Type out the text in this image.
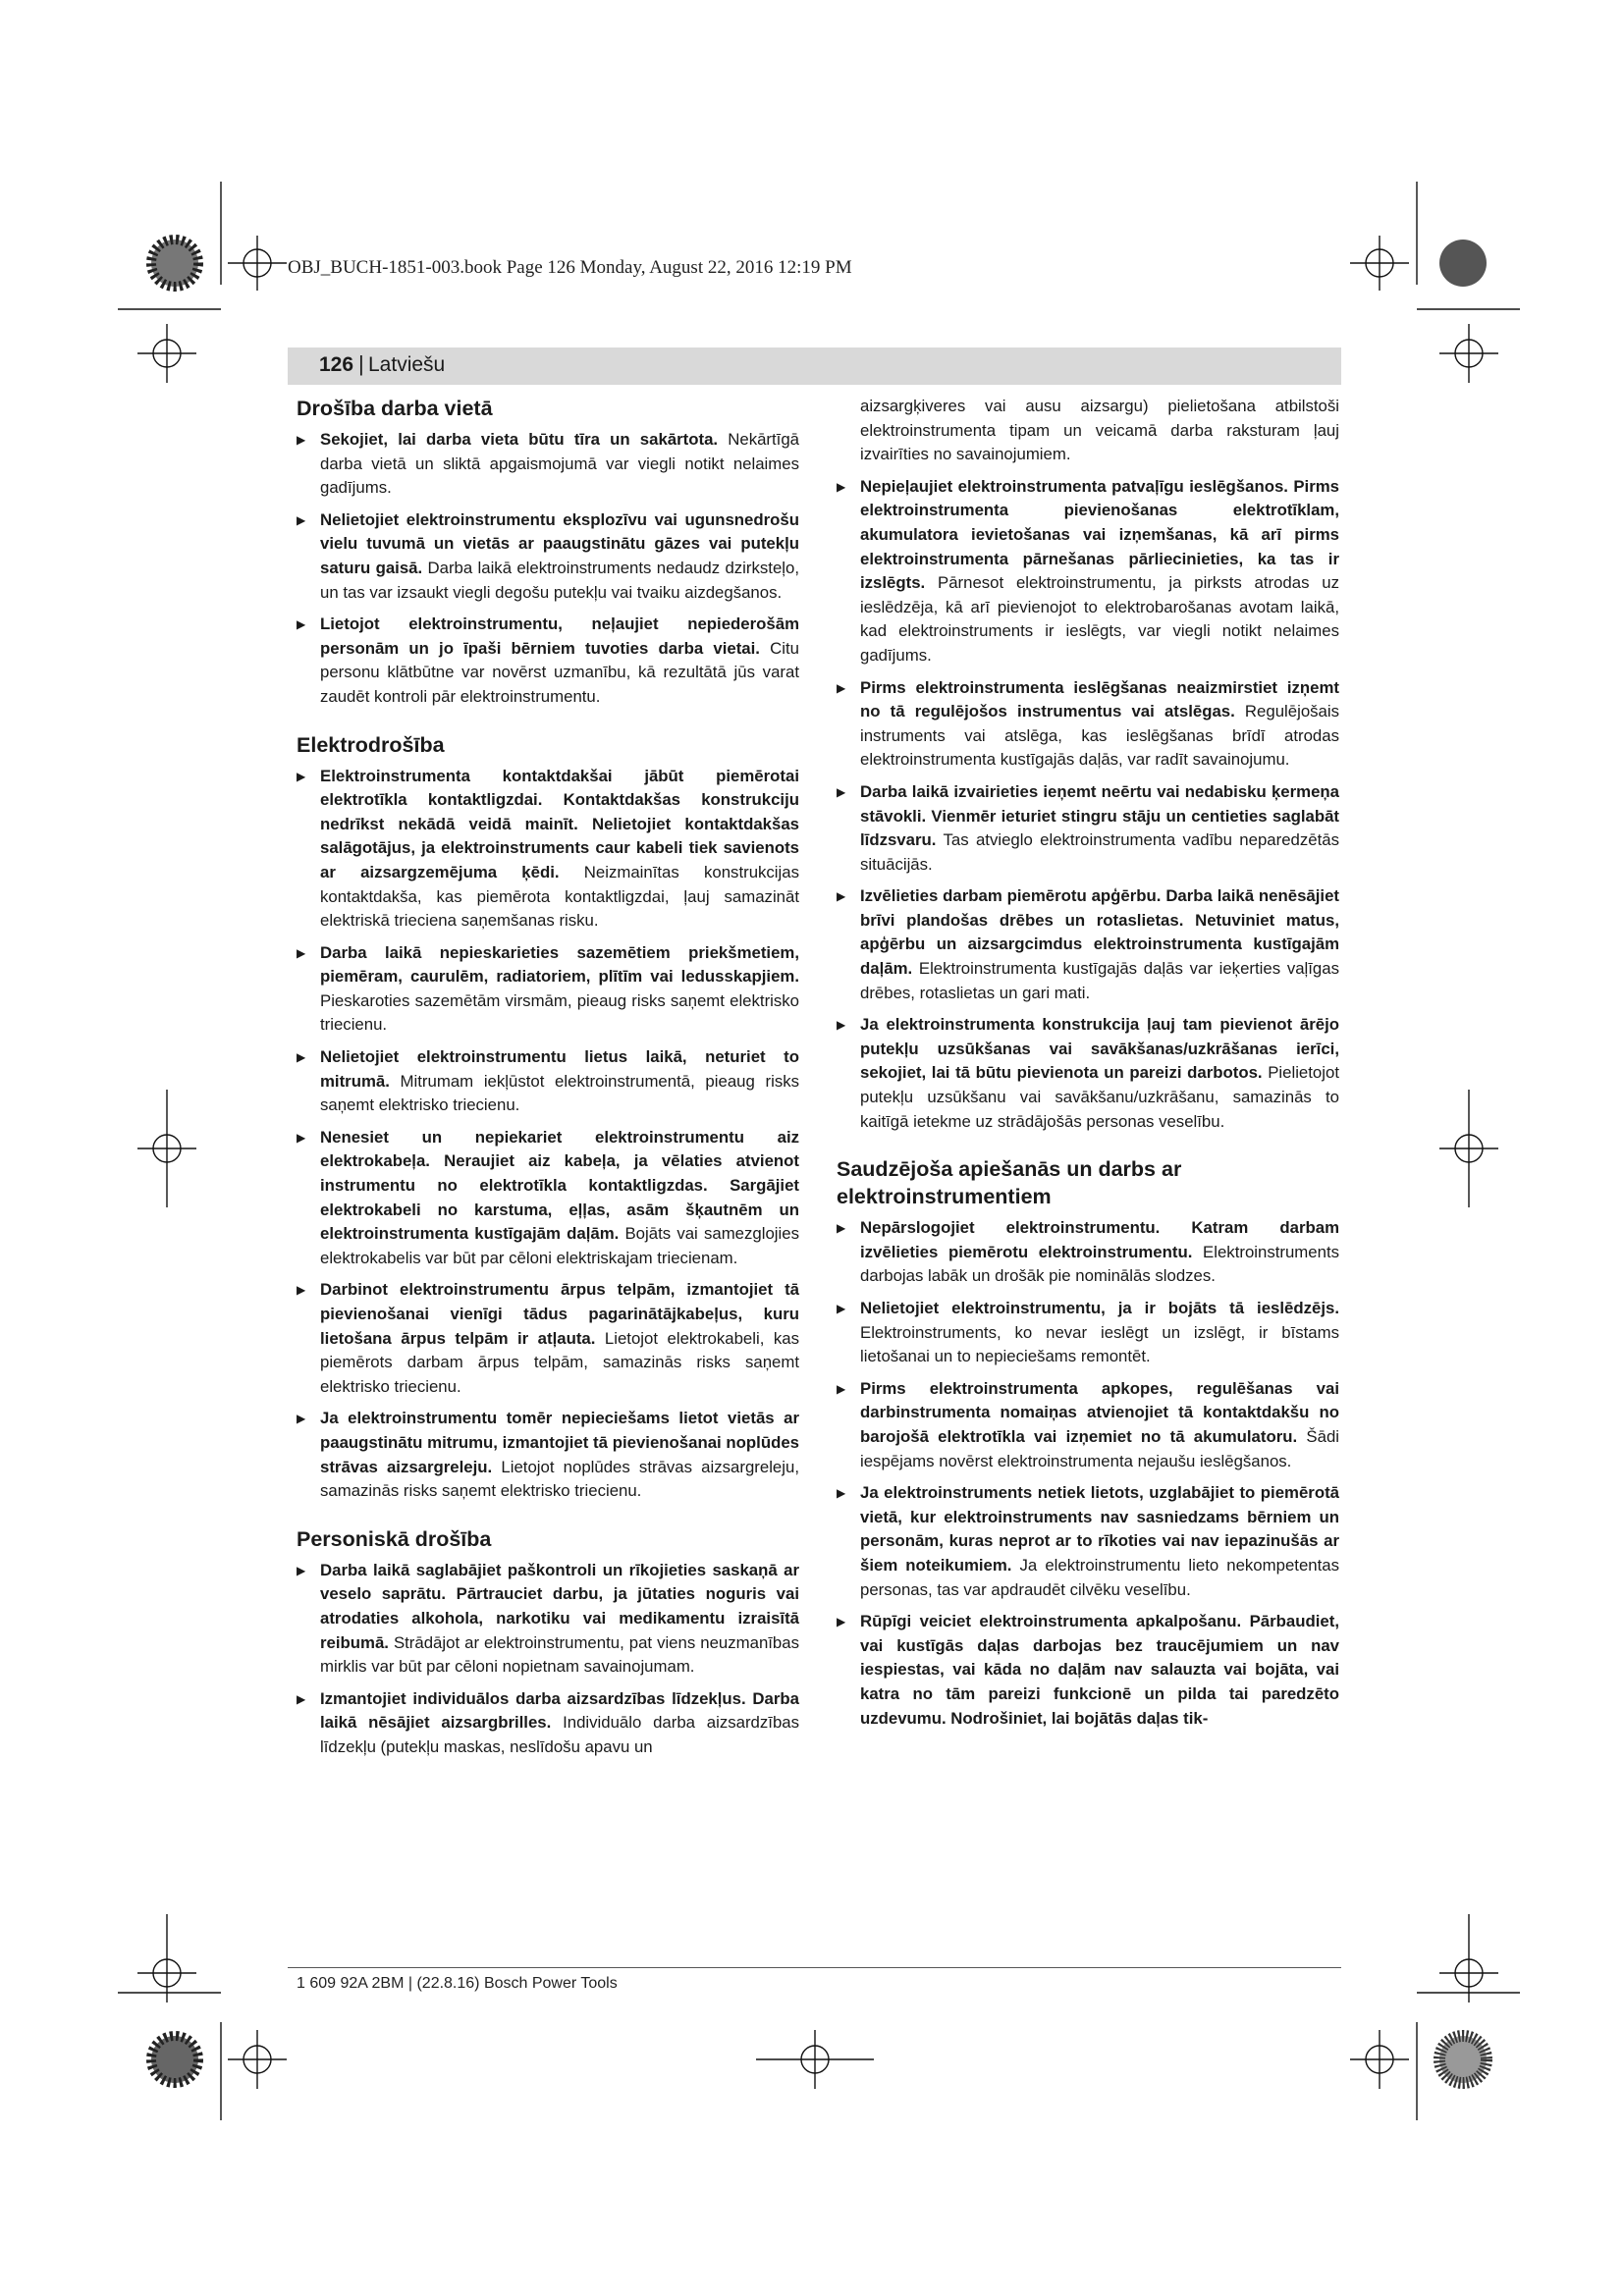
OBJ_BUCH-1851-003.book Page 126 Monday, August 22, 2016 12:19 PM
126 | Latviešu
Drošība darba vietā
▶ Sekojiet, lai darba vieta būtu tīra un sakārtota. Nekārtīgā darba vietā un sliktā apgaismojumā var viegli notikt nelaimes gadījums.
▶ Nelietojiet elektroinstrumentu eksplozīvu vai ugunsnedrošu vielu tuvumā un vietās ar paaugstinātu gāzes vai putekļu saturu gaisā. Darba laikā elektroinstruments nedaudz dzirksteļo, un tas var izsaukt viegli degošu putekļu vai tvaiku aizdegšanos.
▶ Lietojot elektroinstrumentu, neļaujiet nepiederošām personām un jo īpaši bērniem tuvoties darba vietai. Citu personu klātbūtne var novērst uzmanību, kā rezultātā jūs varat zaudēt kontroli pār elektroinstrumentu.
Elektrodrošība
▶ Elektroinstrumenta kontaktdakšai jābūt piemērotai elektrotīkla kontaktligzdai. Kontaktdakšas konstrukciju nedrīkst nekādā veidā mainīt. Nelietojiet kontaktdakšas salāgotājus, ja elektroinstruments caur kabeli tiek savienots ar aizsargzemējuma ķēdi. Neizmainītas konstrukcijas kontaktdakša, kas piemērota kontaktligzdai, ļauj samazināt elektriskā trieciena saņemšanas risku.
▶ Darba laikā nepieskarieties sazemētiem priekšmetiem, piemēram, caurulēm, radiatoriem, plītīm vai ledusskapjiem. Pieskaroties sazemētām virsmām, pieaug risks saņemt elektrisko triecienu.
▶ Nelietojiet elektroinstrumentu lietus laikā, neturiet to mitrumā. Mitrumam iekļūstot elektroinstrumentā, pieaug risks saņemt elektrisko triecienu.
▶ Nenesiet un nepiekariet elektroinstrumentu aiz elektrokabeļa. Neraujiet aiz kabeļa, ja vēlaties atvienot instrumentu no elektrotīkla kontaktligzdas. Sargājiet elektrokabeli no karstuma, eļļas, asām šķautnēm un elektroinstrumenta kustīgajām daļām. Bojāts vai samezglojies elektrokabelis var būt par cēloni elektriskajam triecienam.
▶ Darbinot elektroinstrumentu ārpus telpām, izmantojiet tā pievienošanai vienīgi tādus pagarinātājkabeļus, kuru lietošana ārpus telpām ir atļauta. Lietojot elektrokabeli, kas piemērots darbam ārpus telpām, samazinās risks saņemt elektrisko triecienu.
▶ Ja elektroinstrumentu tomēr nepieciešams lietot vietās ar paaugstinātu mitrumu, izmantojiet tā pievienošanai noplūdes strāvas aizsargreleju. Lietojot noplūdes strāvas aizsargreleju, samazinās risks saņemt elektrisko triecienu.
Personiskā drošība
▶ Darba laikā saglabājiet paškontroli un rīkojieties saskaņā ar veselo saprātu. Pārtrauciet darbu, ja jūtaties noguris vai atrodaties alkohola, narkotiku vai medikamentu izraisītā reibumā. Strādājot ar elektroinstrumentu, pat viens neuzmanības mirklis var būt par cēloni nopietnam savainojumam.
▶ Izmantojiet individuālos darba aizsardzības līdzekļus. Darba laikā nēsājiet aizsargbrilles. Individuālo darba aizsardzības līdzekļu (putekļu maskas, neslīdošu apavu un
aizsargķiveres vai ausu aizsargu) pielietošana atbilstoši elektroinstrumenta tipam un veicamā darba raksturam ļauj izvairīties no savainojumiem.
▶ Nepieļaujiet elektroinstrumenta patvaļīgu ieslēgšanos. Pirms elektroinstrumenta pievienošanas elektrotīklam, akumulatora ievietošanas vai izņemšanas, kā arī pirms elektroinstrumenta pārnešanas pārliecinieties, ka tas ir izslēgts. Pārnesot elektroinstrumentu, ja pirksts atrodas uz ieslēdzēja, kā arī pievienojot to elektrobarošanas avotam laikā, kad elektroinstruments ir ieslēgts, var viegli notikt nelaimes gadījums.
▶ Pirms elektroinstrumenta ieslēgšanas neaizmirstiet izņemt no tā regulējošos instrumentus vai atslēgas. Regulējošais instruments vai atslēga, kas ieslēgšanas brīdī atrodas elektroinstrumenta kustīgajās daļās, var radīt savainojumu.
▶ Darba laikā izvairieties ieņemt neērtu vai nedabisku ķermeņa stāvokli. Vienmēr ieturiet stingru stāju un centieties saglabāt līdzsvaru. Tas atvieglo elektroinstrumenta vadību neparedzētās situācijās.
▶ Izvēlieties darbam piemērotu apģērbu. Darba laikā nenēsājiet brīvi plandošas drēbes un rotaslietas. Netuviniet matus, apģērbu un aizsargcimdus elektroinstrumenta kustīgajām daļām. Elektroinstrumenta kustīgajās daļās var ieķerties vaļīgas drēbes, rotaslietas un gari mati.
▶ Ja elektroinstrumenta konstrukcija ļauj tam pievienot ārējo putekļu uzsūkšanas vai savākšanas/uzkrāšanas ierīci, sekojiet, lai tā būtu pievienota un pareizi darbotos. Pielietojot putekļu uzsūkšanu vai savākšanu/uzkrāšanu, samazinās to kaitīgā ietekme uz strādājošās personas veselību.
Saudzējoša apiešanās un darbs ar elektroinstrumentiem
▶ Nepārslogojiet elektroinstrumentu. Katram darbam izvēlieties piemērotu elektroinstrumentu. Elektroinstruments darbojas labāk un drošāk pie nominālās slodzes.
▶ Nelietojiet elektroinstrumentu, ja ir bojāts tā ieslēdzējs. Elektroinstruments, ko nevar ieslēgt un izslēgt, ir bīstams lietošanai un to nepieciešams remontēt.
▶ Pirms elektroinstrumenta apkopes, regulēšanas vai darbinstrumenta nomaiņas atvienojiet tā kontaktdakšu no barojošā elektrotīkla vai izņemiet no tā akumulatoru. Šādi iespējams novērst elektroinstrumenta nejaušu ieslēgšanos.
▶ Ja elektroinstruments netiek lietots, uzglabājiet to piemērotā vietā, kur elektroinstruments nav sasniedzams bērniem un personām, kuras neprot ar to rīkoties vai nav iepazinušās ar šiem noteikumiem. Ja elektroinstrumentu lieto nekompetentas personas, tas var apdraudēt cilvēku veselību.
▶ Rūpīgi veiciet elektroinstrumenta apkalpošanu. Pārbaudiet, vai kustīgās daļas darbojas bez traucējumiem un nav iespiestas, vai kāda no daļām nav salauzta vai bojāta, vai katra no tām pareizi funkcionē un pilda tai paredzēto uzdevumu. Nodrošiniet, lai bojātās daļas tik-
1 609 92A 2BM | (22.8.16) Bosch Power Tools
